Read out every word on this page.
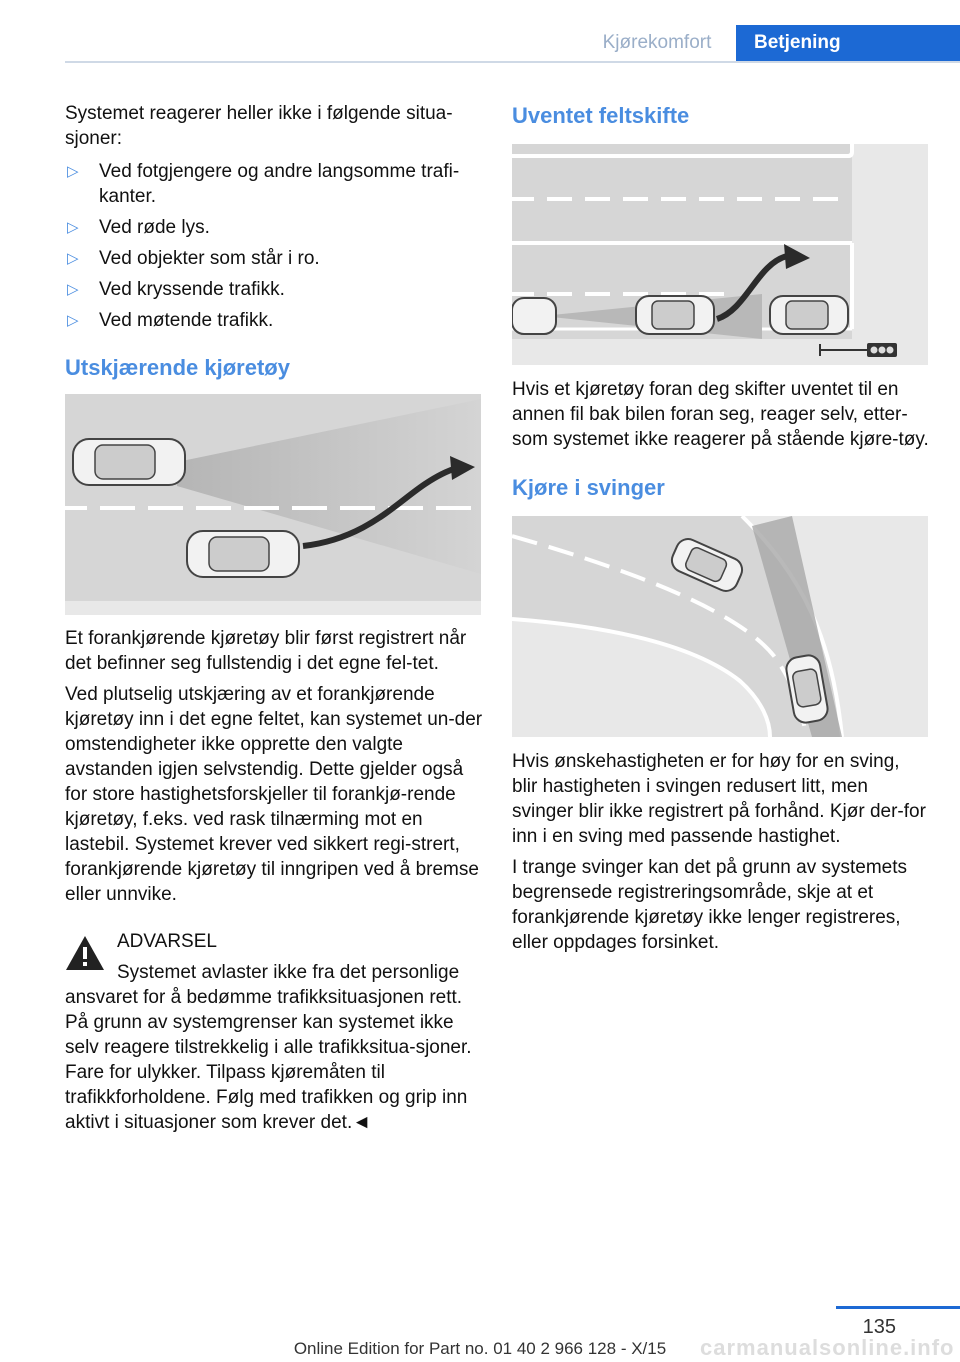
Kjørekomfort	Betjening

Systemet reagerer heller ikke i følgende situa-sjoner:

▷ Ved fotgjengere og andre langsomme trafi-kanter.
▷ Ved røde lys.
▷ Ved objekter som står i ro.
▷ Ved kryssende trafikk.
▷ Ved møtende trafikk.
Utskjærende kjøretøy

Et forankjørende kjøretøy blir først registrert når det befinner seg fullstendig i det egne fel-tet.

Ved plutselig utskjæring av et forankjørende kjøretøy inn i det egne feltet, kan systemet un-der omstendigheter ikke opprette den valgte avstanden igjen selvstendig. Dette gjelder også for store hastighetsforskjeller til forankjø-rende kjøretøy, f.eks. ved rask tilnærming mot en lastebil. Systemet krever ved sikkert regi-strert, forankjørende kjøretøy til inngripen ved å bremse eller unnvike.

ADVARSEL

Systemet avlaster ikke fra det personlige ansvaret for å bedømme trafikksituasjonen rett. På grunn av systemgrenser kan systemet ikke selv reagere tilstrekkelig i alle trafikksitua-sjoner. Fare for ulykker. Tilpass kjøremåten til trafikkforholdene. Følg med trafikken og grip inn aktivt i situasjoner som krever det.◄

Uventet feltskifte

Hvis et kjøretøy foran deg skifter uventet til en annen fil bak bilen foran seg, reager selv, etter-som systemet ikke reagerer på stående kjøre-tøy.

Kjøre i svinger

Hvis ønskehastigheten er for høy for en sving, blir hastigheten i svingen redusert litt, men svinger blir ikke registrert på forhånd. Kjør der-for inn i en sving med passende hastighet.

I trange svinger kan det på grunn av systemets begrensede registreringsområde, skje at et forankjørende kjøretøy ikke lenger registreres, eller oppdages forsinket.

135
carmanualsonline.info
Online Edition for Part no. 01 40 2 966 128 - X/15
